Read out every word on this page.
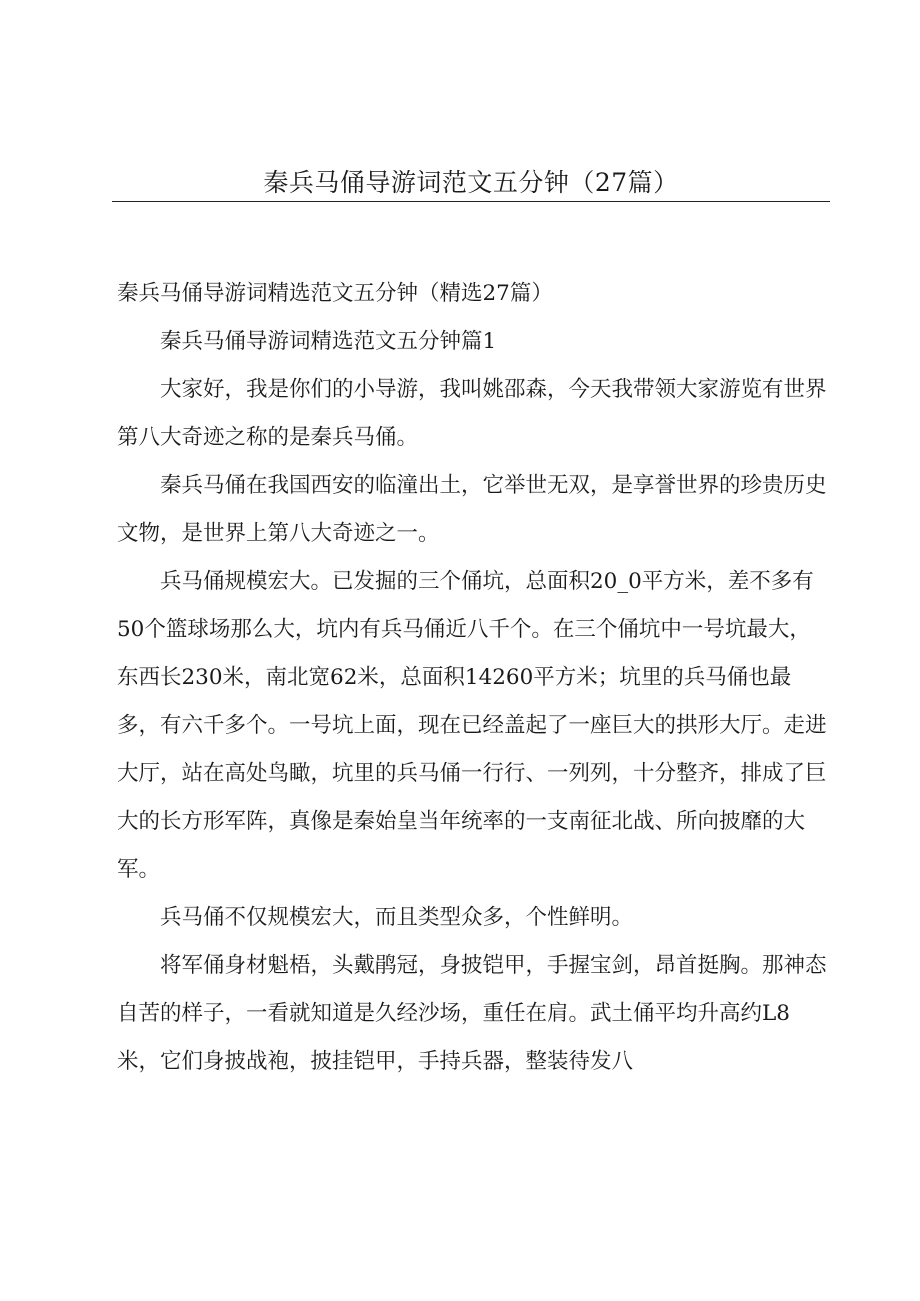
秦兵马俑导游词范文五分钟（27篇）

秦兵马俑导游词精选范文五分钟（精选27篇）

秦兵马俑导游词精选范文五分钟篇1

大家好，我是你们的小导游，我叫姚邵森，今天我带领大家游览有世界第八大奇迹之称的是秦兵马俑。

秦兵马俑在我国西安的临潼出土，它举世无双，是享誉世界的珍贵历史文物，是世界上第八大奇迹之一。

兵马俑规模宏大。已发掘的三个俑坑，总面积20_0平方米，差不多有50个篮球场那么大，坑内有兵马俑近八千个。在三个俑坑中一号坑最大，东西长230米，南北宽62米，总面积14260平方米；坑里的兵马俑也最多，有六千多个。一号坑上面，现在已经盖起了一座巨大的拱形大厅。走进大厅，站在高处鸟瞰，坑里的兵马俑一行行、一列列，十分整齐，排成了巨大的长方形军阵，真像是秦始皇当年统率的一支南征北战、所向披靡的大军。

兵马俑不仅规模宏大，而且类型众多，个性鲜明。

将军俑身材魁梧，头戴鹃冠，身披铠甲，手握宝剑，昂首挺胸。那神态自苦的样子，一看就知道是久经沙场，重任在肩。武土俑平均升高约L8米，它们身披战袍，披挂铠甲，手持兵器，整装待发八
